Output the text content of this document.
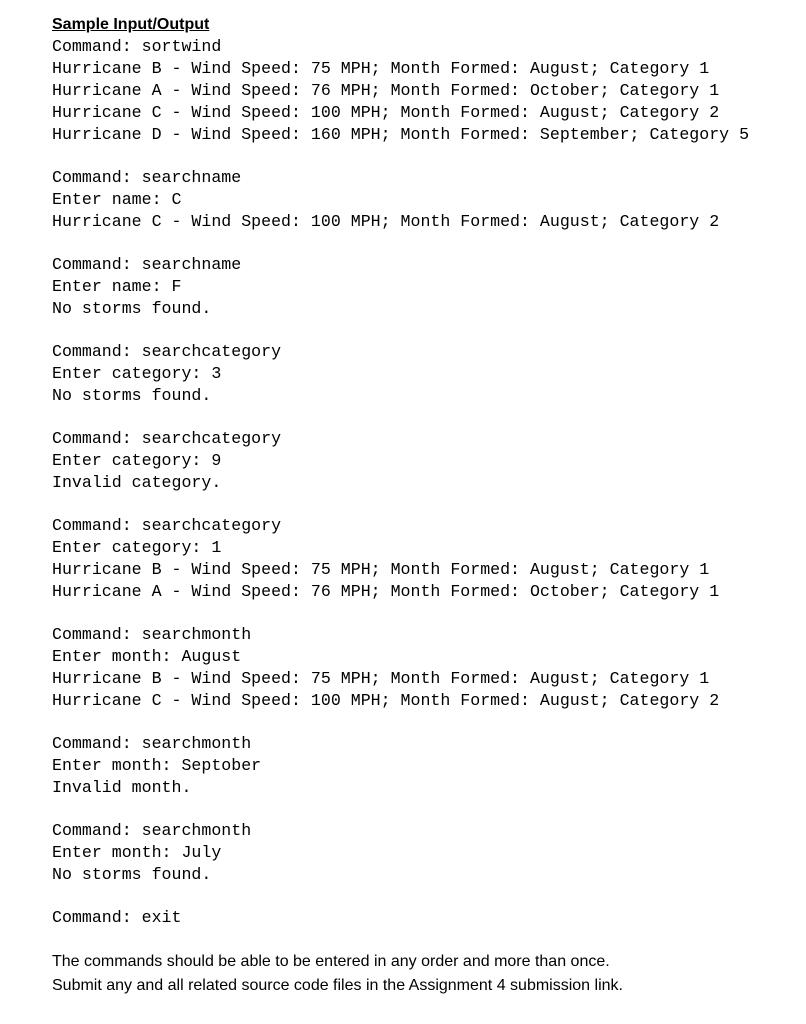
Sample Input/Output
Command: sortwind
Hurricane B - Wind Speed: 75 MPH; Month Formed: August; Category 1
Hurricane A - Wind Speed: 76 MPH; Month Formed: October; Category 1
Hurricane C - Wind Speed: 100 MPH; Month Formed: August; Category 2
Hurricane D - Wind Speed: 160 MPH; Month Formed: September; Category 5
Command: searchname
Enter name: C
Hurricane C - Wind Speed: 100 MPH; Month Formed: August; Category 2
Command: searchname
Enter name: F
No storms found.
Command: searchcategory
Enter category: 3
No storms found.
Command: searchcategory
Enter category: 9
Invalid category.
Command: searchcategory
Enter category: 1
Hurricane B - Wind Speed: 75 MPH; Month Formed: August; Category 1
Hurricane A - Wind Speed: 76 MPH; Month Formed: October; Category 1
Command: searchmonth
Enter month: August
Hurricane B - Wind Speed: 75 MPH; Month Formed: August; Category 1
Hurricane C - Wind Speed: 100 MPH; Month Formed: August; Category 2
Command: searchmonth
Enter month: Septober
Invalid month.
Command: searchmonth
Enter month: July
No storms found.
Command: exit
The commands should be able to be entered in any order and more than once.
Submit any and all related source code files in the Assignment 4 submission link.
